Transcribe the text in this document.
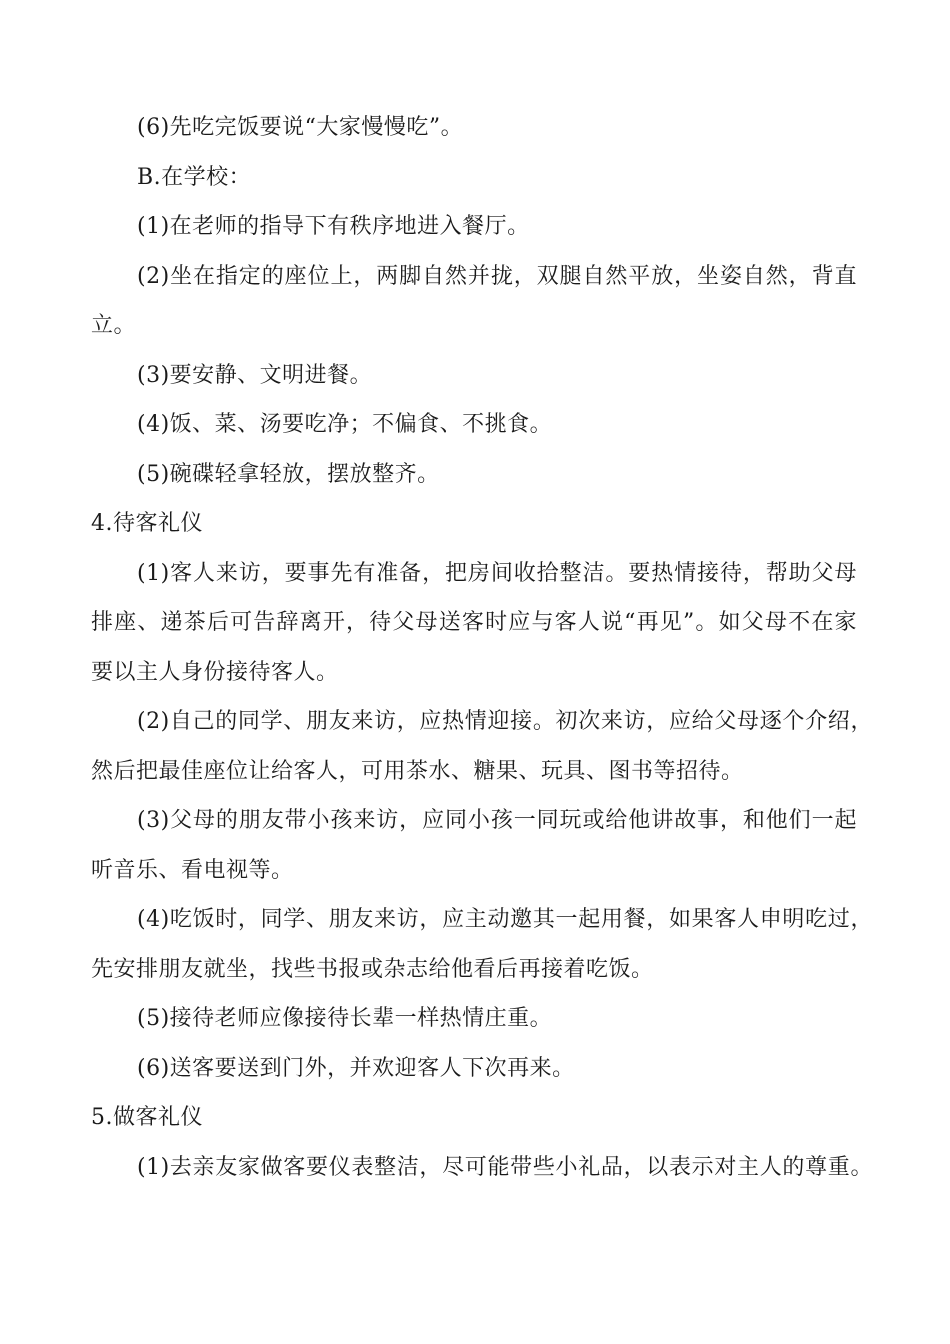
(6)先吃完饭要说“大家慢慢吃”。
B.在学校：
(1)在老师的指导下有秩序地进入餐厅。
(2)坐在指定的座位上，两脚自然并拢，双腿自然平放，坐姿自然，背直
立。
(3)要安静、文明进餐。
(4)饭、菜、汤要吃净；不偏食、不挑食。
(5)碗碟轻拿轻放，摆放整齐。
4.待客礼仪
(1)客人来访，要事先有准备，把房间收拾整洁。要热情接待，帮助父母
排座、递茶后可告辞离开，待父母送客时应与客人说“再见”。如父母不在家
要以主人身份接待客人。
(2)自己的同学、朋友来访，应热情迎接。初次来访，应给父母逐个介绍，
然后把最佳座位让给客人，可用茶水、糖果、玩具、图书等招待。
(3)父母的朋友带小孩来访，应同小孩一同玩或给他讲故事，和他们一起
听音乐、看电视等。
(4)吃饭时，同学、朋友来访，应主动邀其一起用餐，如果客人申明吃过，
先安排朋友就坐，找些书报或杂志给他看后再接着吃饭。
(5)接待老师应像接待长辈一样热情庄重。
(6)送客要送到门外，并欢迎客人下次再来。
5.做客礼仪
(1)去亲友家做客要仪表整洁，尽可能带些小礼品，以表示对主人的尊重。
